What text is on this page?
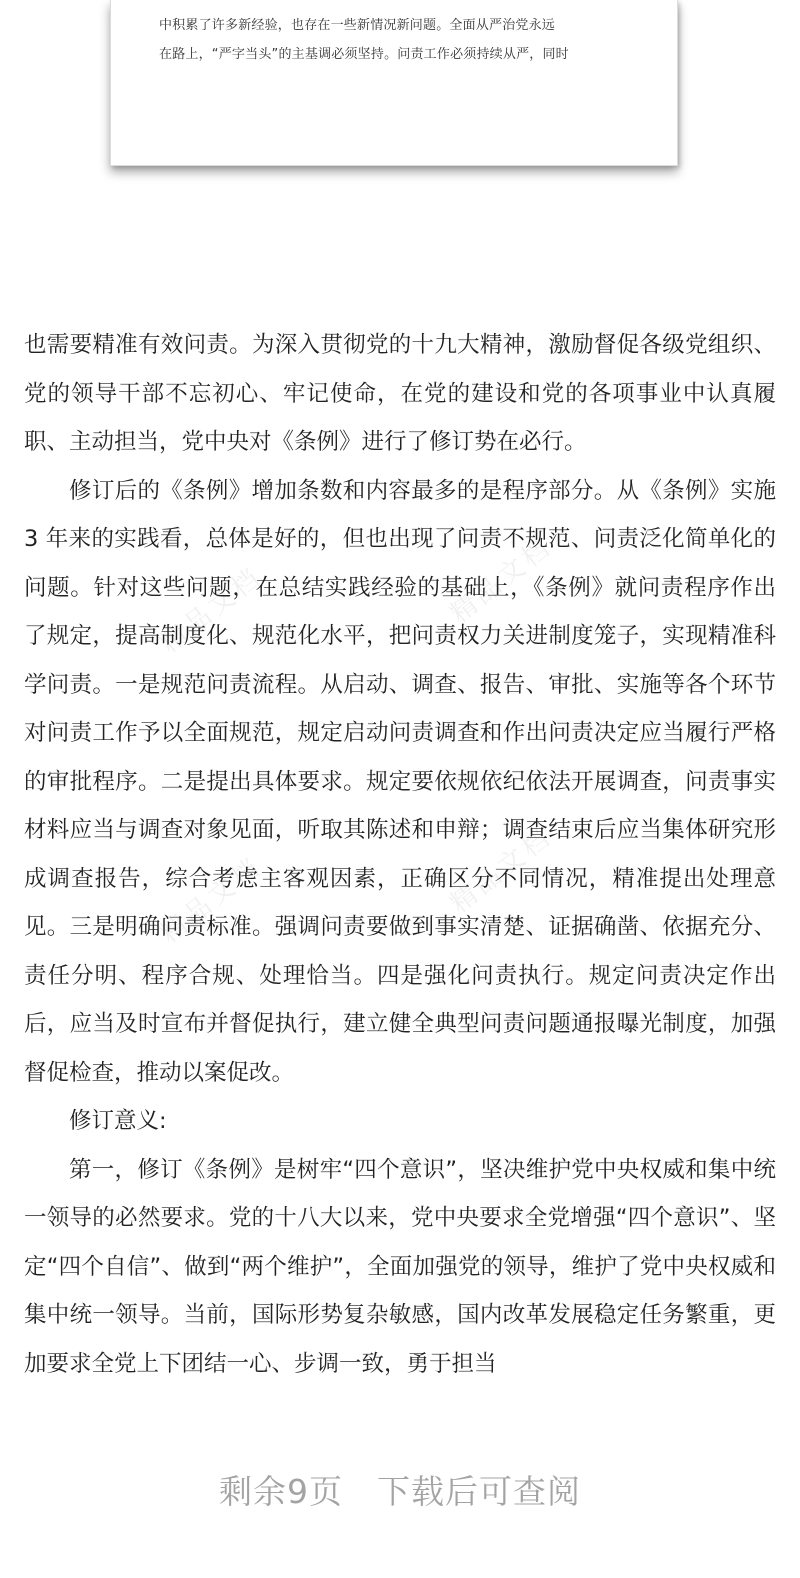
中积累了许多新经验，也存在一些新情况新问题。全面从严治党永远
在路上，“严字当头”的主基调必须坚持。问责工作必须持续从严，同时
精品文档	精品文档
精品文档	精品文档

也需要精准有效问责。为深入贯彻党的十九大精神，激励督促各级党组织、党的领导干部不忘初心、牢记使命，在党的建设和党的各项事业中认真履职、主动担当，党中央对《条例》进行了修订势在必行。

修订后的《条例》增加条数和内容最多的是程序部分。从《条例》实施 3 年来的实践看，总体是好的，但也出现了问责不规范、问责泛化简单化的问题。针对这些问题，在总结实践经验的基础上，《条例》就问责程序作出了规定，提高制度化、规范化水平，把问责权力关进制度笼子，实现精准科学问责。一是规范问责流程。从启动、调查、报告、审批、实施等各个环节对问责工作予以全面规范，规定启动问责调查和作出问责决定应当履行严格的审批程序。二是提出具体要求。规定要依规依纪依法开展调查，问责事实材料应当与调查对象见面，听取其陈述和申辩；调查结束后应当集体研究形成调查报告，综合考虑主客观因素，正确区分不同情况，精准提出处理意见。三是明确问责标准。强调问责要做到事实清楚、证据确凿、依据充分、责任分明、程序合规、处理恰当。四是强化问责执行。规定问责决定作出后，应当及时宣布并督促执行，建立健全典型问责问题通报曝光制度，加强督促检查，推动以案促改。

修订意义:

第一，修订《条例》是树牢“四个意识”，坚决维护党中央权威和集中统一领导的必然要求。党的十八大以来，党中央要求全党增强“四个意识”、坚定“四个自信”、做到“两个维护”，全面加强党的领导，维护了党中央权威和集中统一领导。当前，国际形势复杂敏感，国内改革发展稳定任务繁重，更加要求全党上下团结一心、步调一致，勇于担当

剩余9页 下载后可查阅
